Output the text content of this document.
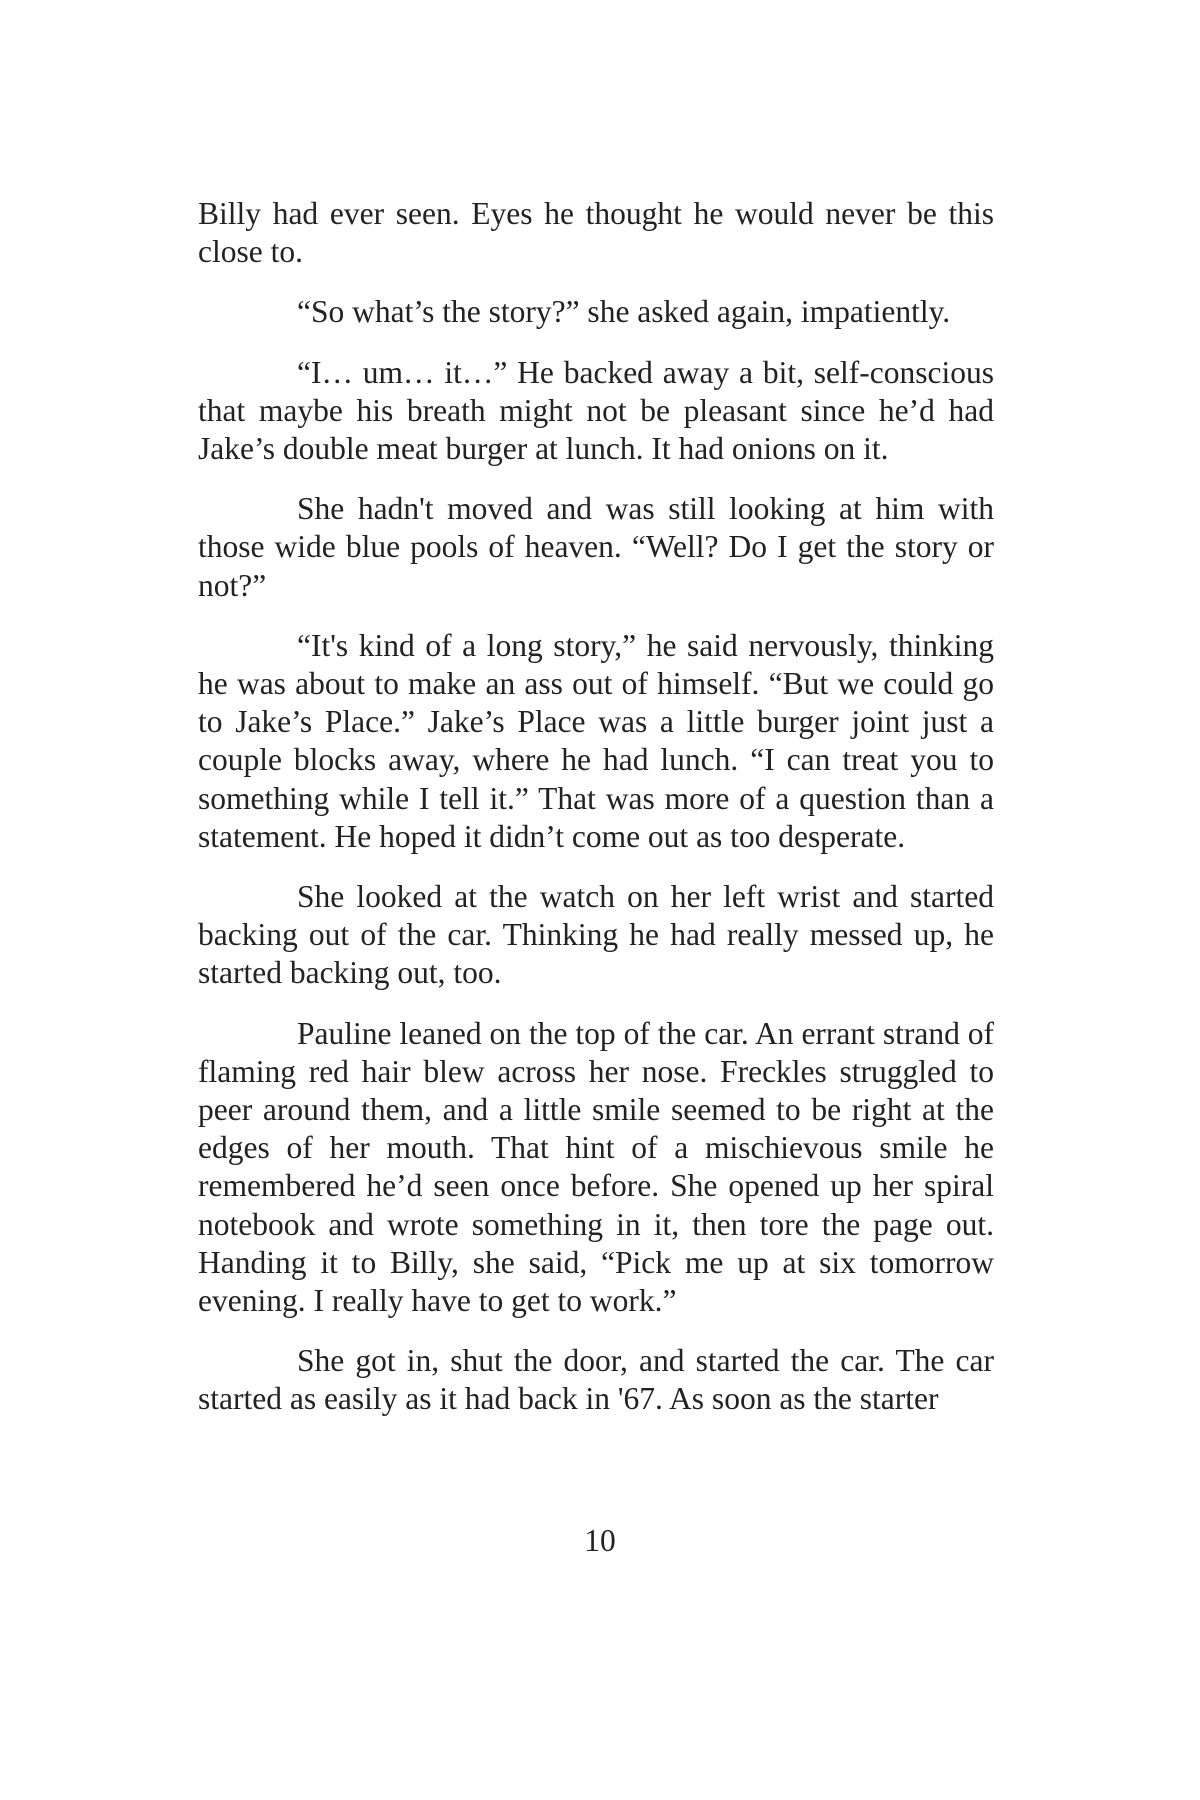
Billy had ever seen. Eyes he thought he would never be this close to.

“So what’s the story?” she asked again, impatiently.

“I… um… it…” He backed away a bit, self-conscious that maybe his breath might not be pleasant since he’d had Jake’s double meat burger at lunch. It had onions on it.

She hadn't moved and was still looking at him with those wide blue pools of heaven. “Well? Do I get the story or not?”

“It's kind of a long story,” he said nervously, thinking he was about to make an ass out of himself. “But we could go to Jake’s Place.” Jake’s Place was a little burger joint just a couple blocks away, where he had lunch. “I can treat you to something while I tell it.” That was more of a question than a statement. He hoped it didn’t come out as too desperate.

She looked at the watch on her left wrist and started backing out of the car. Thinking he had really messed up, he started backing out, too.

Pauline leaned on the top of the car. An errant strand of flaming red hair blew across her nose. Freckles struggled to peer around them, and a little smile seemed to be right at the edges of her mouth. That hint of a mischievous smile he remembered he’d seen once before. She opened up her spiral notebook and wrote something in it, then tore the page out. Handing it to Billy, she said, “Pick me up at six tomorrow evening. I really have to get to work.”

She got in, shut the door, and started the car. The car started as easily as it had back in '67. As soon as the starter

10
